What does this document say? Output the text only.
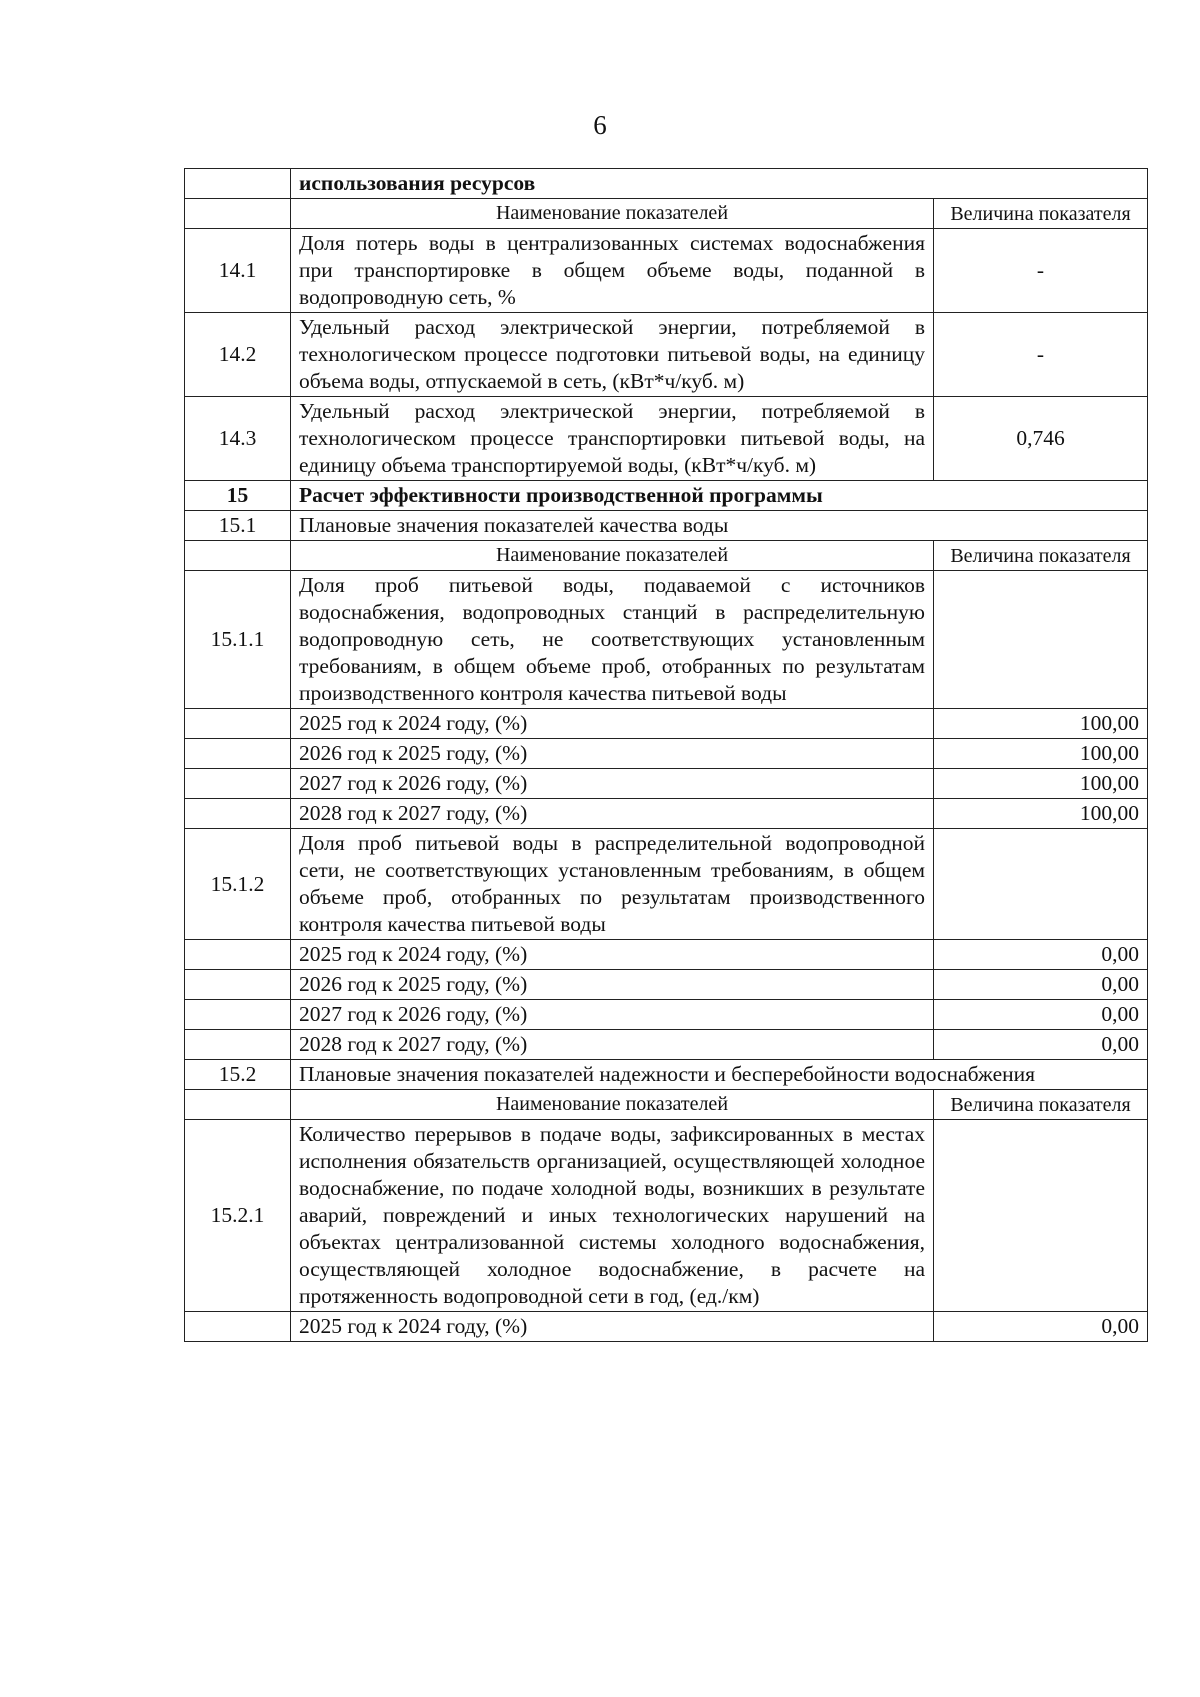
6
	использования ресурсов	
	Наименование показателей	Величина показателя
14.1	Доля потерь воды в централизованных системах водоснабжения при транспортировке в общем объеме воды, поданной в водопроводную сеть, %	-
14.2	Удельный расход электрической энергии, потребляемой в технологическом процессе подготовки питьевой воды, на единицу объема воды, отпускаемой в сеть, (кВт*ч/куб. м)	-
14.3	Удельный расход электрической энергии, потребляемой в технологическом процессе транспортировки питьевой воды, на единицу объема транспортируемой воды, (кВт*ч/куб. м)	0,746
15	Расчет эффективности производственной программы	
15.1	Плановые значения показателей качества воды	
	Наименование показателей	Величина показателя
15.1.1	Доля проб питьевой воды, подаваемой с источников водоснабжения, водопроводных станций в распределительную водопроводную сеть, не соответствующих установленным требованиям, в общем объеме проб, отобранных по результатам производственного контроля качества питьевой воды	
	2025 год к 2024 году, (%)	100,00
	2026 год к 2025 году, (%)	100,00
	2027 год к 2026 году, (%)	100,00
	2028 год к 2027 году, (%)	100,00
15.1.2	Доля проб питьевой воды в распределительной водопроводной сети, не соответствующих установленным требованиям, в общем объеме проб, отобранных по результатам производственного контроля качества питьевой воды	
	2025 год к 2024 году, (%)	0,00
	2026 год к 2025 году, (%)	0,00
	2027 год к 2026 году, (%)	0,00
	2028 год к 2027 году, (%)	0,00
15.2	Плановые значения показателей надежности и бесперебойности водоснабжения	
	Наименование показателей	Величина показателя
15.2.1	Количество перерывов в подаче воды, зафиксированных в местах исполнения обязательств организацией, осуществляющей холодное водоснабжение, по подаче холодной воды, возникших в результате аварий, повреждений и иных технологических нарушений на объектах централизованной системы холодного водоснабжения, осуществляющей холодное водоснабжение, в расчете на протяженность водопроводной сети в год, (ед./км)	
	2025 год к 2024 году, (%)	0,00
